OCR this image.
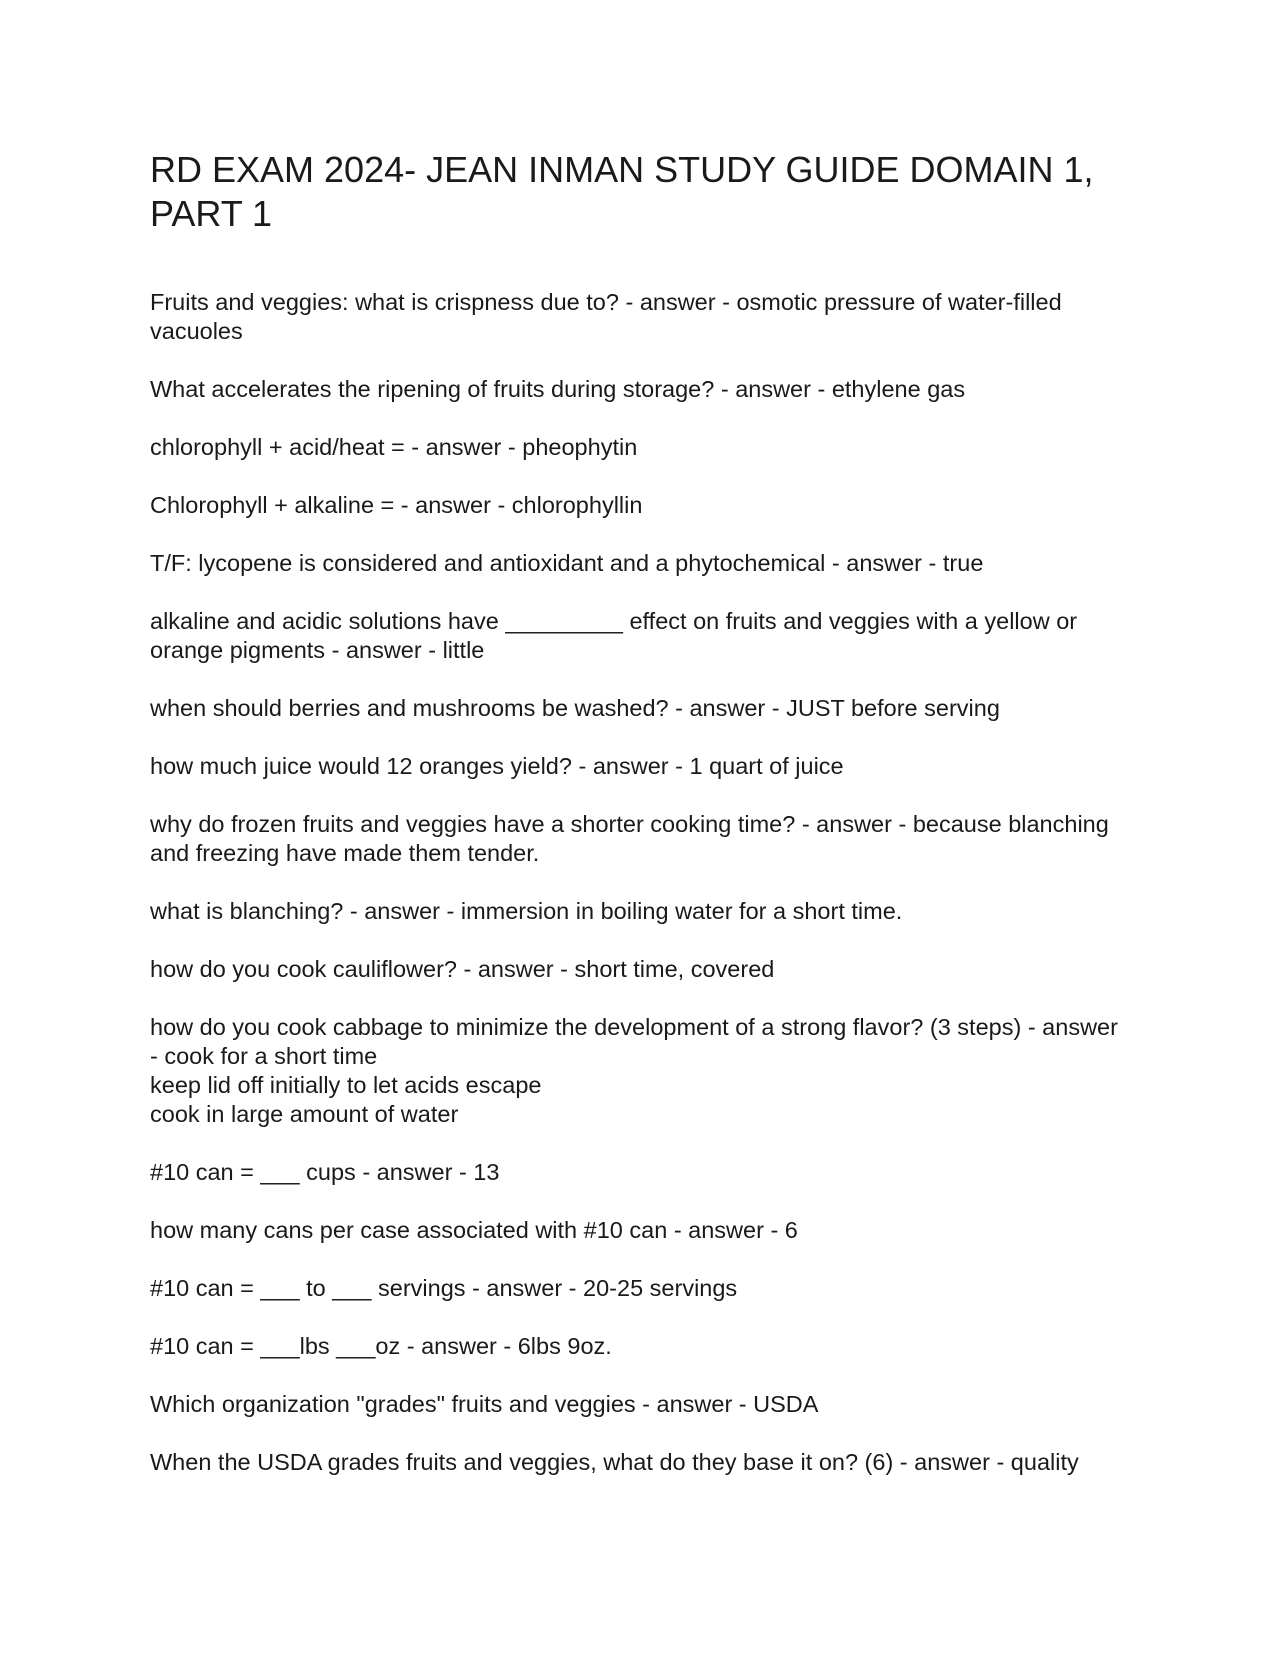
RD EXAM 2024- JEAN INMAN STUDY GUIDE DOMAIN 1, PART 1

Fruits and veggies: what is crispness due to? - answer - osmotic pressure of water-filled vacuoles

What accelerates the ripening of fruits during storage? - answer - ethylene gas

chlorophyll + acid/heat = - answer - pheophytin

Chlorophyll + alkaline = - answer - chlorophyllin

T/F: lycopene is considered and antioxidant and a phytochemical - answer - true

alkaline and acidic solutions have _________ effect on fruits and veggies with a yellow or orange pigments - answer - little

when should berries and mushrooms be washed? - answer - JUST before serving

how much juice would 12 oranges yield? - answer - 1 quart of juice

why do frozen fruits and veggies have a shorter cooking time? - answer - because blanching and freezing have made them tender.

what is blanching? - answer - immersion in boiling water for a short time.

how do you cook cauliflower? - answer - short time, covered

how do you cook cabbage to minimize the development of a strong flavor? (3 steps) - answer - cook for a short time
keep lid off initially to let acids escape
cook in large amount of water

#10 can = ___ cups - answer - 13

how many cans per case associated with #10 can - answer - 6

#10 can = ___ to ___ servings - answer - 20-25 servings

#10 can = ___lbs ___oz - answer - 6lbs 9oz.

Which organization "grades" fruits and veggies - answer - USDA

When the USDA grades fruits and veggies, what do they base it on? (6) - answer - quality
